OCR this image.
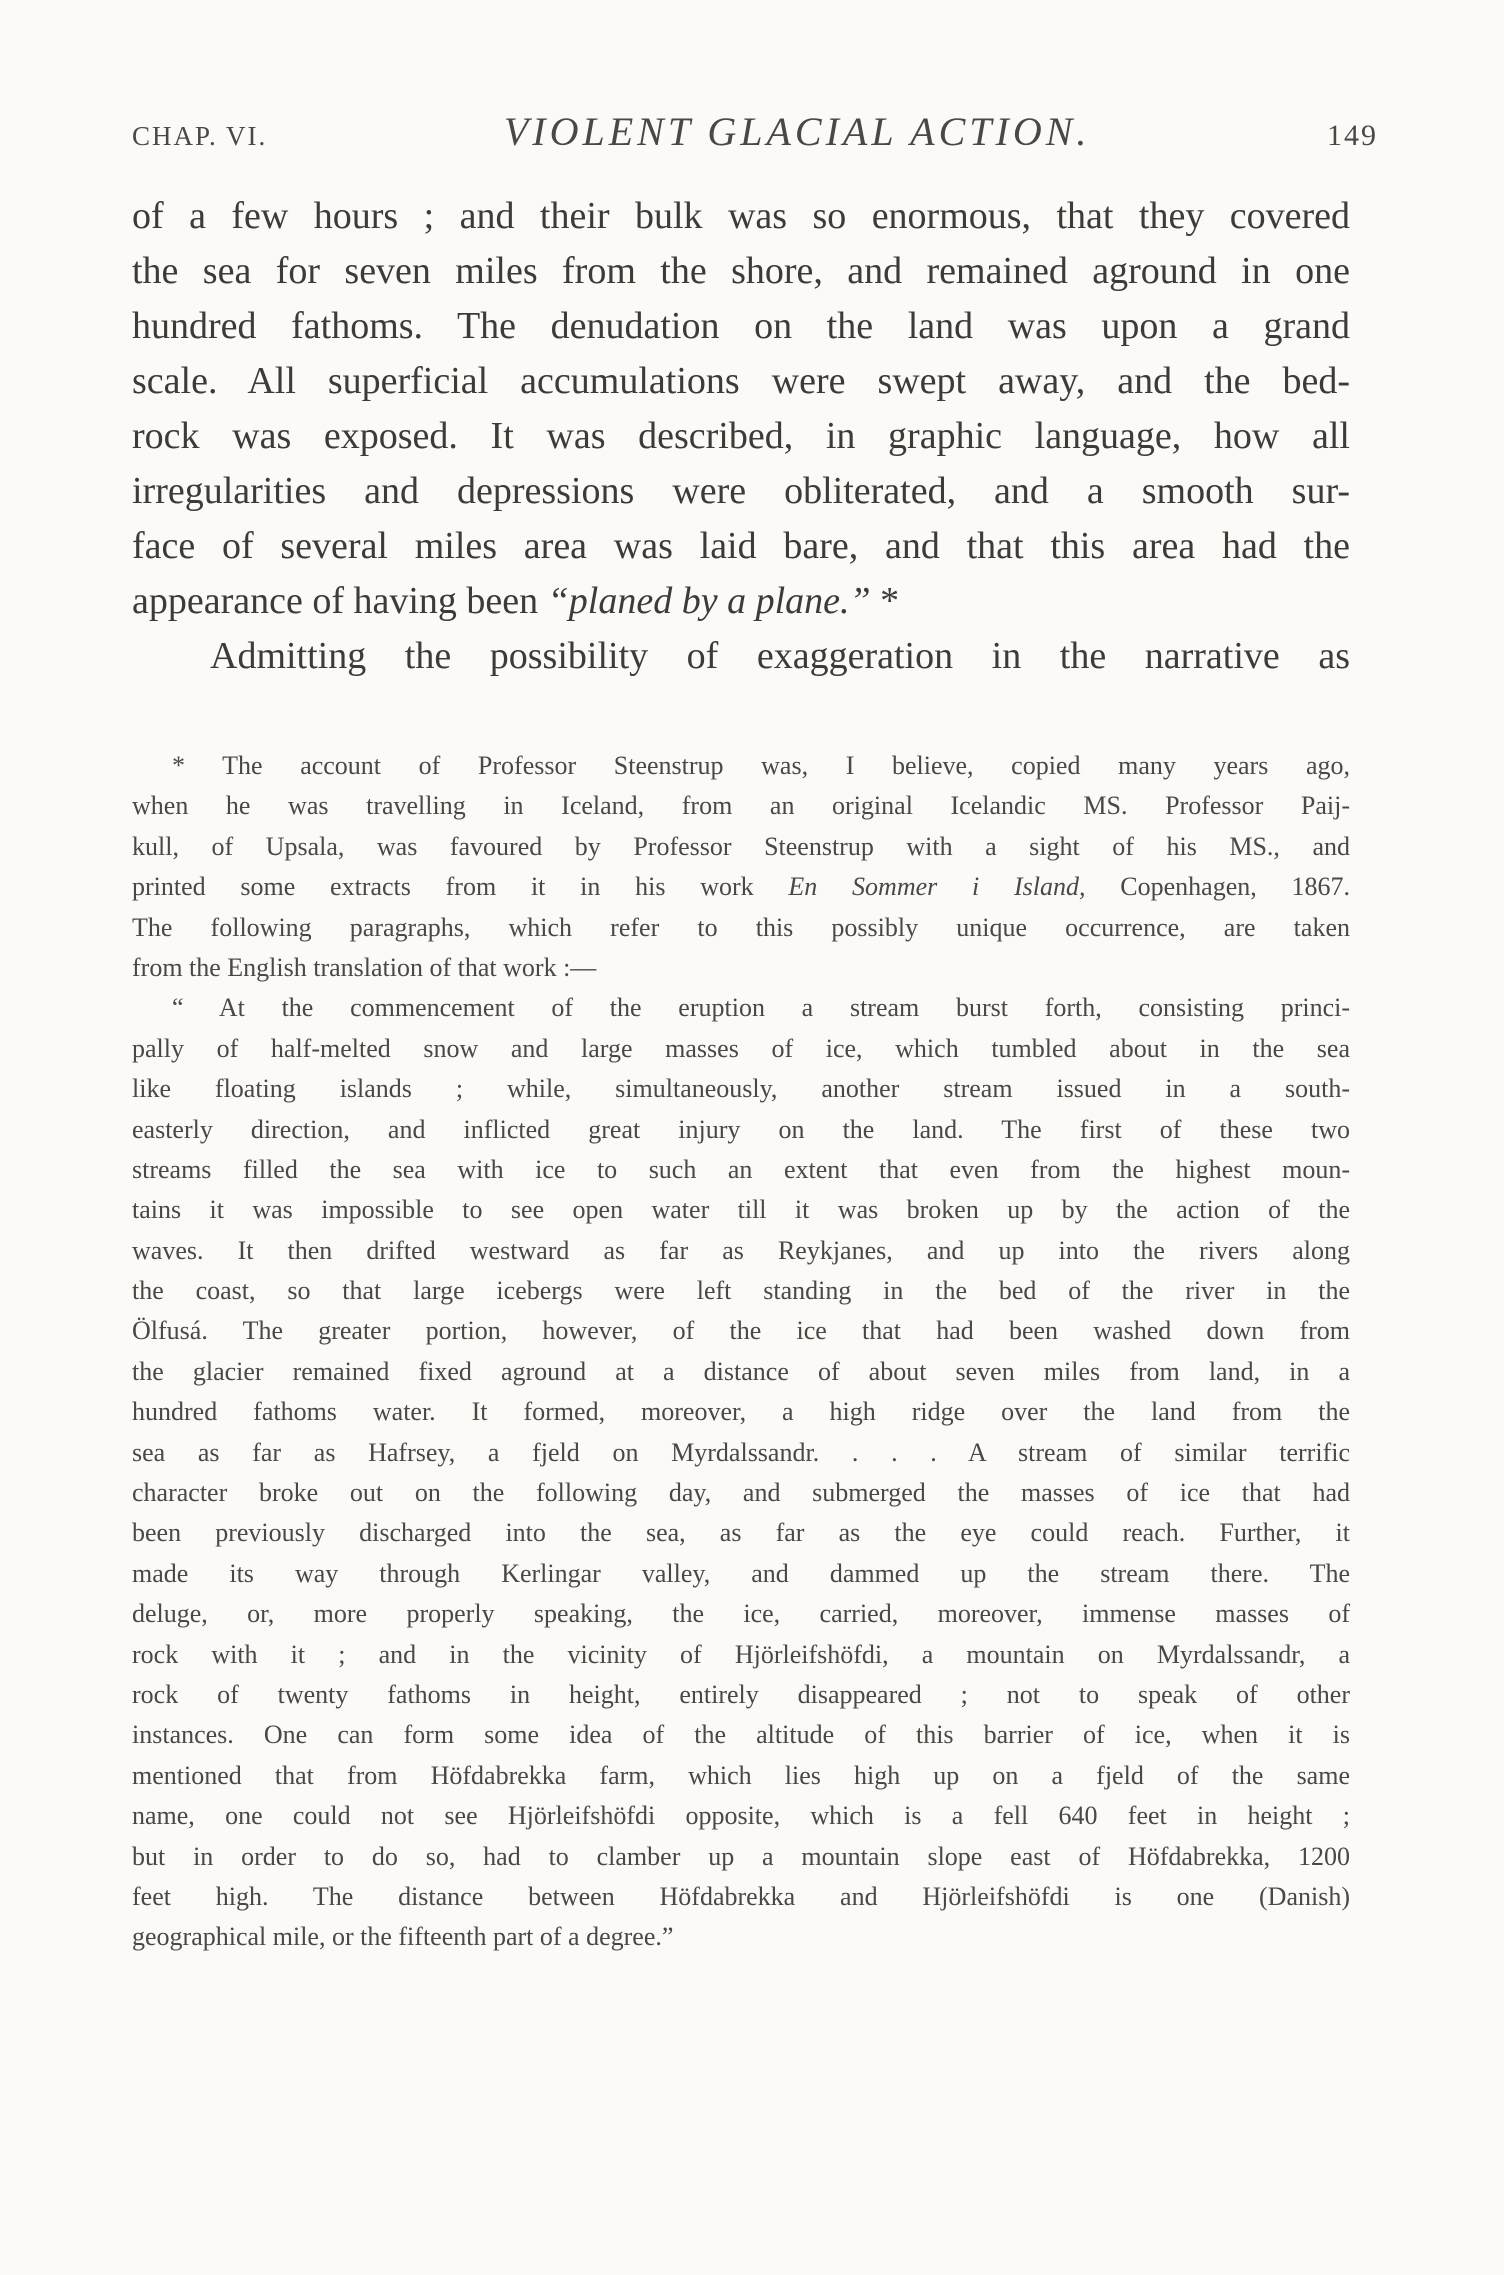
CHAP. VI.	VIOLENT GLACIAL ACTION.	149
of a few hours ; and their bulk was so enormous, that they covered
the sea for seven miles from the shore, and remained aground in one
hundred fathoms. The denudation on the land was upon a grand
scale. All superficial accumulations were swept away, and the bed-
rock was exposed. It was described, in graphic language, how all
irregularities and depressions were obliterated, and a smooth sur-
face of several miles area was laid bare, and that this area had the
appearance of having been “planed by a plane.” *
Admitting the possibility of exaggeration in the narrative as
* The account of Professor Steenstrup was, I believe, copied many years ago,
when he was travelling in Iceland, from an original Icelandic MS. Professor Paij-
kull, of Upsala, was favoured by Professor Steenstrup with a sight of his MS., and
printed some extracts from it in his work En Sommer i Island, Copenhagen, 1867.
The following paragraphs, which refer to this possibly unique occurrence, are taken
from the English translation of that work :—
“ At the commencement of the eruption a stream burst forth, consisting princi-
pally of half-melted snow and large masses of ice, which tumbled about in the sea
like floating islands ; while, simultaneously, another stream issued in a south-
easterly direction, and inflicted great injury on the land. The first of these two
streams filled the sea with ice to such an extent that even from the highest moun-
tains it was impossible to see open water till it was broken up by the action of the
waves. It then drifted westward as far as Reykjanes, and up into the rivers along
the coast, so that large icebergs were left standing in the bed of the river in the
Ölfusá. The greater portion, however, of the ice that had been washed down from
the glacier remained fixed aground at a distance of about seven miles from land, in a
hundred fathoms water. It formed, moreover, a high ridge over the land from the
sea as far as Hafrsey, a fjeld on Myrdalssandr. . . . A stream of similar terrific
character broke out on the following day, and submerged the masses of ice that had
been previously discharged into the sea, as far as the eye could reach. Further, it
made its way through Kerlingar valley, and dammed up the stream there. The
deluge, or, more properly speaking, the ice, carried, moreover, immense masses of
rock with it ; and in the vicinity of Hjörleifshöfdi, a mountain on Myrdalssandr, a
rock of twenty fathoms in height, entirely disappeared ; not to speak of other
instances. One can form some idea of the altitude of this barrier of ice, when it is
mentioned that from Höfdabrekka farm, which lies high up on a fjeld of the same
name, one could not see Hjörleifshöfdi opposite, which is a fell 640 feet in height ;
but in order to do so, had to clamber up a mountain slope east of Höfdabrekka, 1200
feet high. The distance between Höfdabrekka and Hjörleifshöfdi is one (Danish)
geographical mile, or the fifteenth part of a degree.”
